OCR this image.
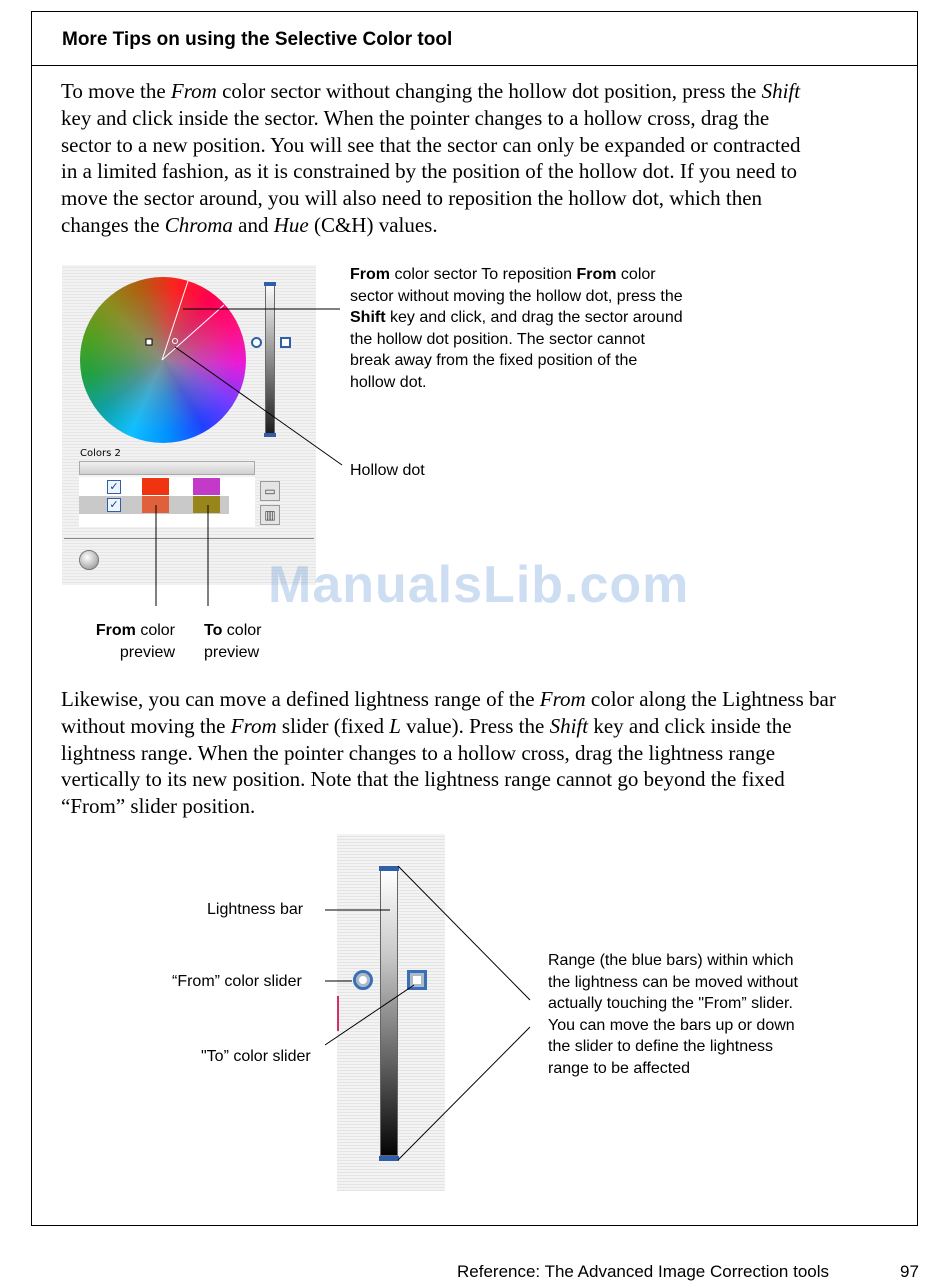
More Tips on using the Selective Color tool
To move the From color sector without changing the hollow dot position, press the Shift
key and click inside the sector. When the pointer changes to a hollow cross, drag the
sector to a new position. You will see that the sector can only be expanded or contracted
in a limited fashion, as it is constrained by the position of the hollow dot. If you need to
move the sector around, you will also need to reposition the hollow dot, which then
changes the Chroma and Hue (C&H) values.
Colors 2
✓
✓
▭
▥
ManualsLib.com
From color sector To reposition From color
sector without moving the hollow dot, press the
Shift key and click, and drag the sector around
the hollow dot position. The sector cannot
break away from the fixed position of the
hollow dot.
Hollow dot
From color
preview
To color
preview
Likewise, you can move a defined lightness range of the From color along the Lightness bar
without moving the From slider (fixed L value). Press the Shift key and click inside the
lightness range. When the pointer changes to a hollow cross, drag the lightness range
vertically to its new position. Note that the lightness range cannot go beyond the fixed
“From” slider position.
Lightness bar
“From” color slider
"To” color slider
Range (the blue bars) within which
the lightness can be moved without
actually touching the "From” slider.
You can move the bars up or down
the slider to define the lightness
range to be affected
Reference: The Advanced Image Correction tools	97
